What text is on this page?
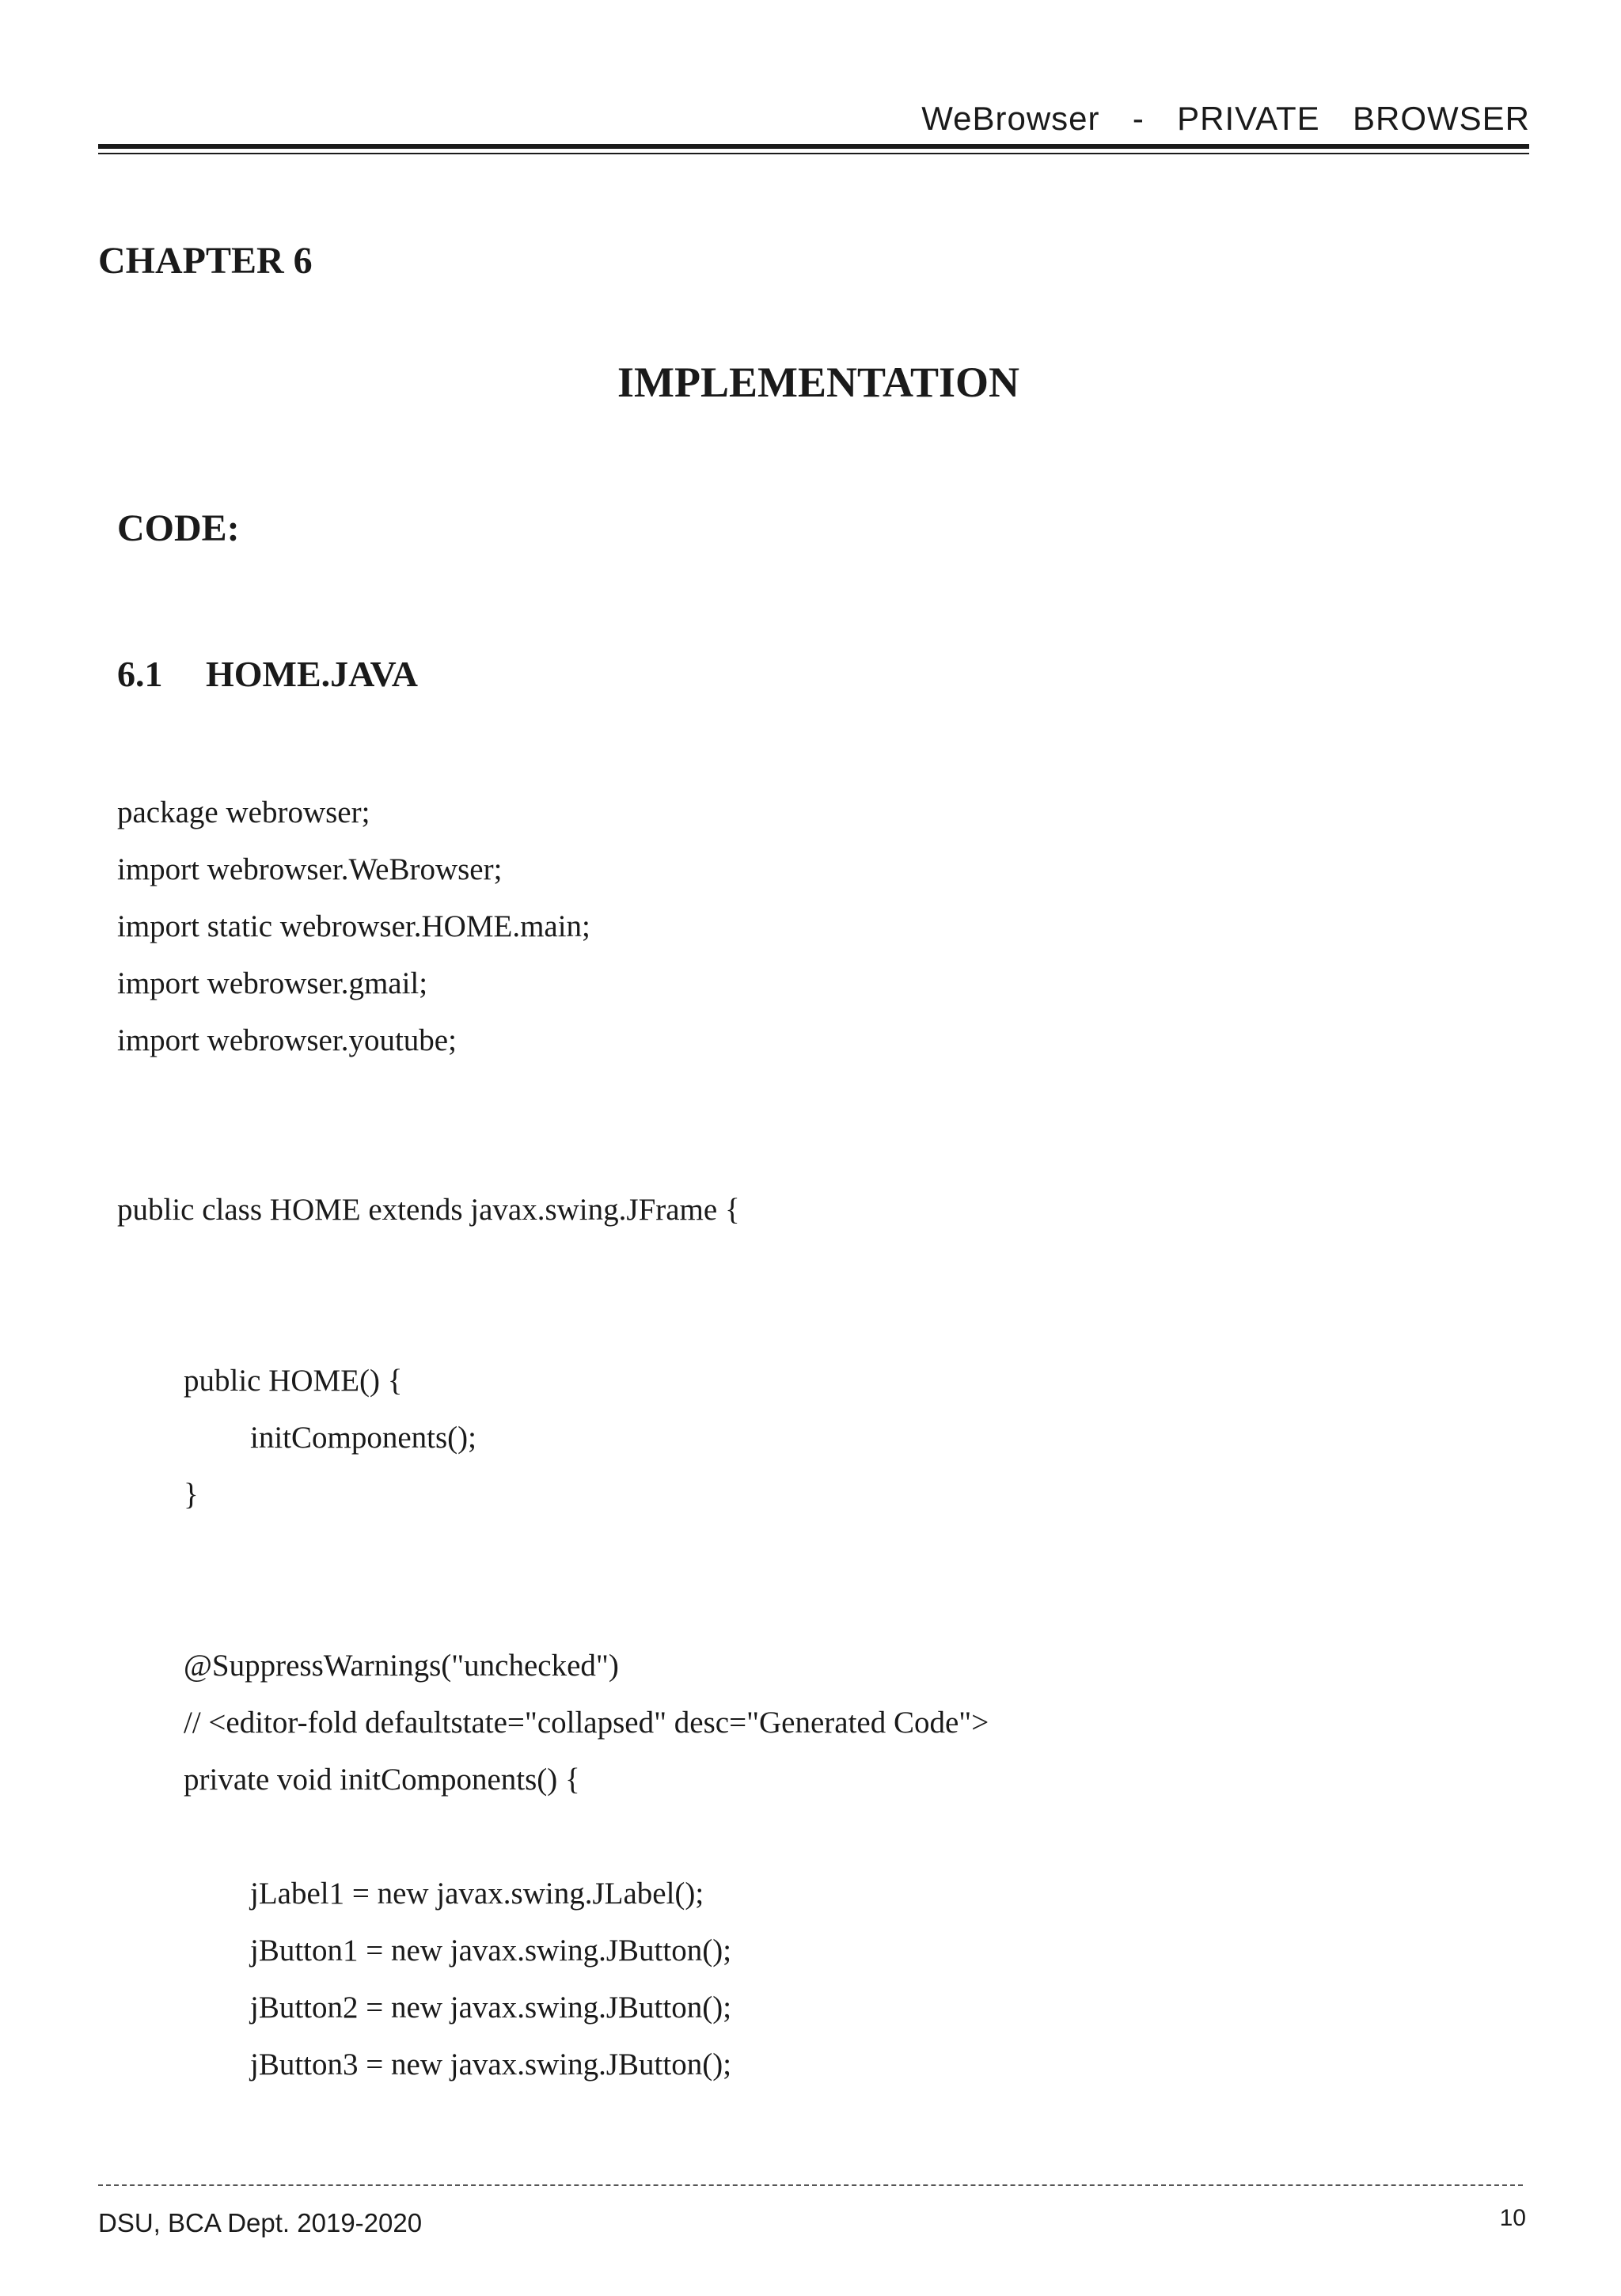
WeBrowser  -  PRIVATE  BROWSER
CHAPTER 6
IMPLEMENTATION
CODE:
6.1 HOME.JAVA
package webrowser;
import webrowser.WeBrowser;
import static webrowser.HOME.main;
import webrowser.gmail;
import webrowser.youtube;
public class HOME extends javax.swing.JFrame {
public HOME() {
initComponents();
}
@SuppressWarnings("unchecked")
// <editor-fold defaultstate="collapsed" desc="Generated Code">
private void initComponents() {
jLabel1 = new javax.swing.JLabel();
jButton1 = new javax.swing.JButton();
jButton2 = new javax.swing.JButton();
jButton3 = new javax.swing.JButton();
DSU, BCA Dept. 2019-2020	10
